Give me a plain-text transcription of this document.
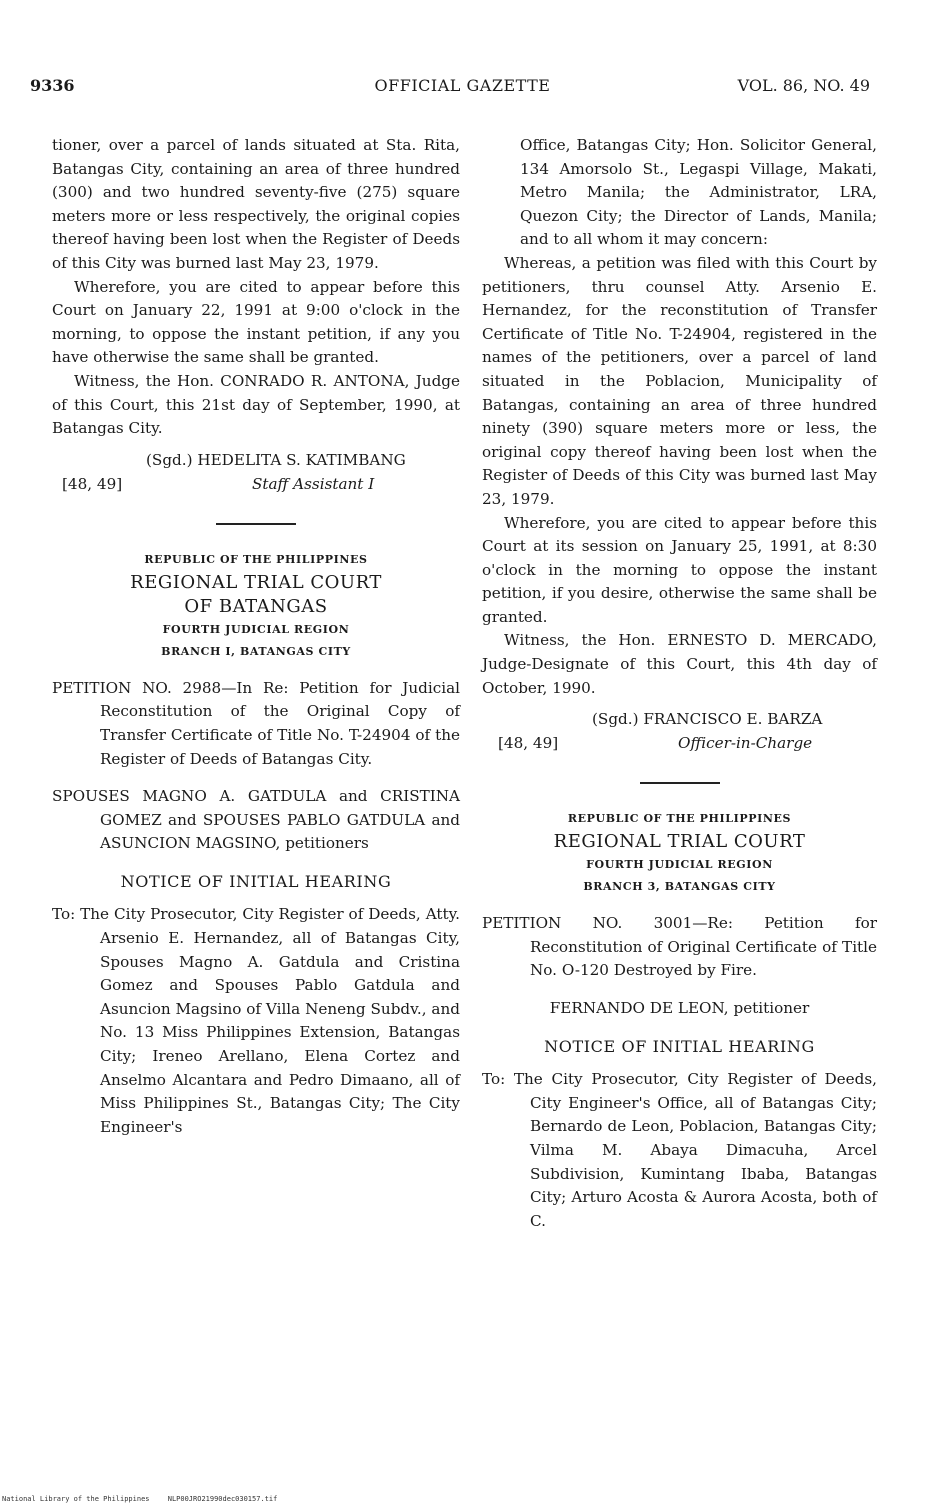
9336	OFFICIAL GAZETTE	VOL. 86, NO. 49

tioner, over a parcel of lands situated at Sta. Rita, Batangas City, containing an area of three hundred (300) and two hundred seventy-five (275) square meters more or less respectively, the original copies thereof having been lost when the Register of Deeds of this City was burned last May 23, 1979.

Wherefore, you are cited to appear before this Court on January 22, 1991 at 9:00 o'clock in the morning, to oppose the instant petition, if any you have otherwise the same shall be granted.

Witness, the Hon. CONRADO R. ANTONA, Judge of this Court, this 21st day of September, 1990, at Batangas City.

(Sgd.) HEDELITA S. KATIMBANG
[48, 49]	Staff Assistant I
REPUBLIC OF THE PHILIPPINES
REGIONAL TRIAL COURT
OF BATANGAS
FOURTH JUDICIAL REGION
BRANCH I, BATANGAS CITY

PETITION NO. 2988—In Re: Petition for Judicial Reconstitution of the Original Copy of Transfer Certificate of Title No. T-24904 of the Register of Deeds of Batangas City.

SPOUSES MAGNO A. GATDULA and CRISTINA GOMEZ and SPOUSES PABLO GATDULA and ASUNCION MAGSINO, petitioners

NOTICE OF INITIAL HEARING

To: The City Prosecutor, City Register of Deeds, Atty. Arsenio E. Hernandez, all of Batangas City, Spouses Magno A. Gatdula and Cristina Gomez and Spouses Pablo Gatdula and Asuncion Magsino of Villa Neneng Subdv., and No. 13 Miss Philippines Extension, Batangas City; Ireneo Arellano, Elena Cortez and Anselmo Alcantara and Pedro Dimaano, all of Miss Philippines St., Batangas City; The City Engineer's

Office, Batangas City; Hon. Solicitor General, 134 Amorsolo St., Legaspi Village, Makati, Metro Manila; the Administrator, LRA, Quezon City; the Director of Lands, Manila; and to all whom it may concern:

Whereas, a petition was filed with this Court by petitioners, thru counsel Atty. Arsenio E. Hernandez, for the reconstitution of Transfer Certificate of Title No. T-24904, registered in the names of the petitioners, over a parcel of land situated in the Poblacion, Municipality of Batangas, containing an area of three hundred ninety (390) square meters more or less, the original copy thereof having been lost when the Register of Deeds of this City was burned last May 23, 1979.

Wherefore, you are cited to appear before this Court at its session on January 25, 1991, at 8:30 o'clock in the morning to oppose the instant petition, if you desire, otherwise the same shall be granted.

Witness, the Hon. ERNESTO D. MERCADO, Judge-Designate of this Court, this 4th day of October, 1990.

(Sgd.) FRANCISCO E. BARZA
[48, 49]	Officer-in-Charge
REPUBLIC OF THE PHILIPPINES
REGIONAL TRIAL COURT
FOURTH JUDICIAL REGION
BRANCH 3, BATANGAS CITY

PETITION NO. 3001—Re: Petition for Reconstitution of Original Certificate of Title No. O-120 Destroyed by Fire.

FERNANDO DE LEON, petitioner

NOTICE OF INITIAL HEARING

To: The City Prosecutor, City Register of Deeds, City Engineer's Office, all of Batangas City; Bernardo de Leon, Poblacion, Batangas City; Vilma M. Abaya Dimacuha, Arcel Subdivision, Kumintang Ibaba, Batangas City; Arturo Acosta & Aurora Acosta, both of C.

National Library of the Philippines	NLP00JRO21990dec030157.tif
